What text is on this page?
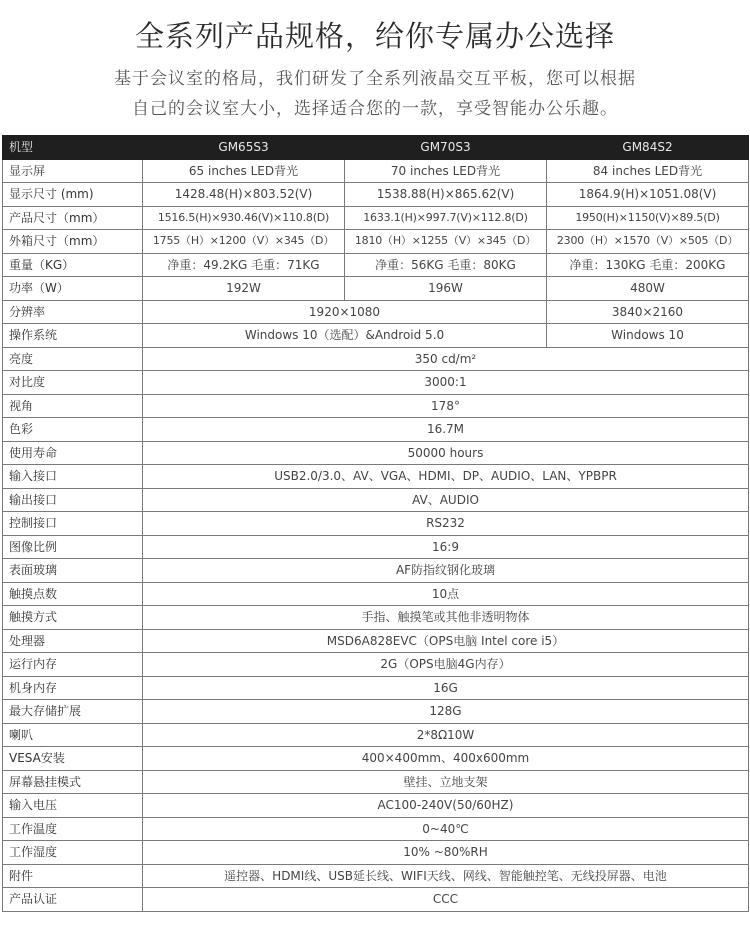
全系列产品规格，给你专属办公选择
基于会议室的格局，我们研发了全系列液晶交互平板，您可以根据
自己的会议室大小，选择适合您的一款，享受智能办公乐趣。
机型	GM65S3	GM70S3	GM84S2
显示屏	65 inches LED背光	70 inches LED背光	84 inches LED背光
显示尺寸 (mm)	1428.48(H)×803.52(V)	1538.88(H)×865.62(V)	1864.9(H)×1051.08(V)
产品尺寸（mm）	1516.5(H)×930.46(V)×110.8(D)	1633.1(H)×997.7(V)×112.8(D)	1950(H)×1150(V)×89.5(D)
外箱尺寸（mm）	1755（H）×1200（V）×345（D）	1810（H）×1255（V）×345（D）	2300（H）×1570（V）×505（D）
重量（KG）	净重：49.2KG 毛重：71KG	净重：56KG 毛重：80KG	净重：130KG 毛重：200KG
功率（W）	192W	196W	480W
分辨率	1920×1080		3840×2160
操作系统	Windows 10（选配）&Android 5.0		Windows 10
亮度	350 cd/m²		
对比度	3000:1		
视角	178°		
色彩	16.7M		
使用寿命	50000 hours		
输入接口	USB2.0/3.0、AV、VGA、HDMI、DP、AUDIO、LAN、YPBPR		
输出接口	AV、AUDIO		
控制接口	RS232		
图像比例	16:9		
表面玻璃	AF防指纹钢化玻璃		
触摸点数	10点		
触摸方式	手指、触摸笔或其他非透明物体		
处理器	MSD6A828EVC（OPS电脑 Intel core i5）		
运行内存	2G（OPS电脑4G内存）		
机身内存	16G		
最大存储扩展	128G		
喇叭	2*8Ω10W		
VESA安装	400×400mm、400x600mm		
屏幕悬挂模式	壁挂、立地支架		
输入电压	AC100-240V(50/60HZ)		
工作温度	0~40℃		
工作湿度	10% ~80%RH		
附件	遥控器、HDMI线、USB延长线、WIFI天线、网线、智能触控笔、无线投屏器、电池		
产品认证	CCC		
